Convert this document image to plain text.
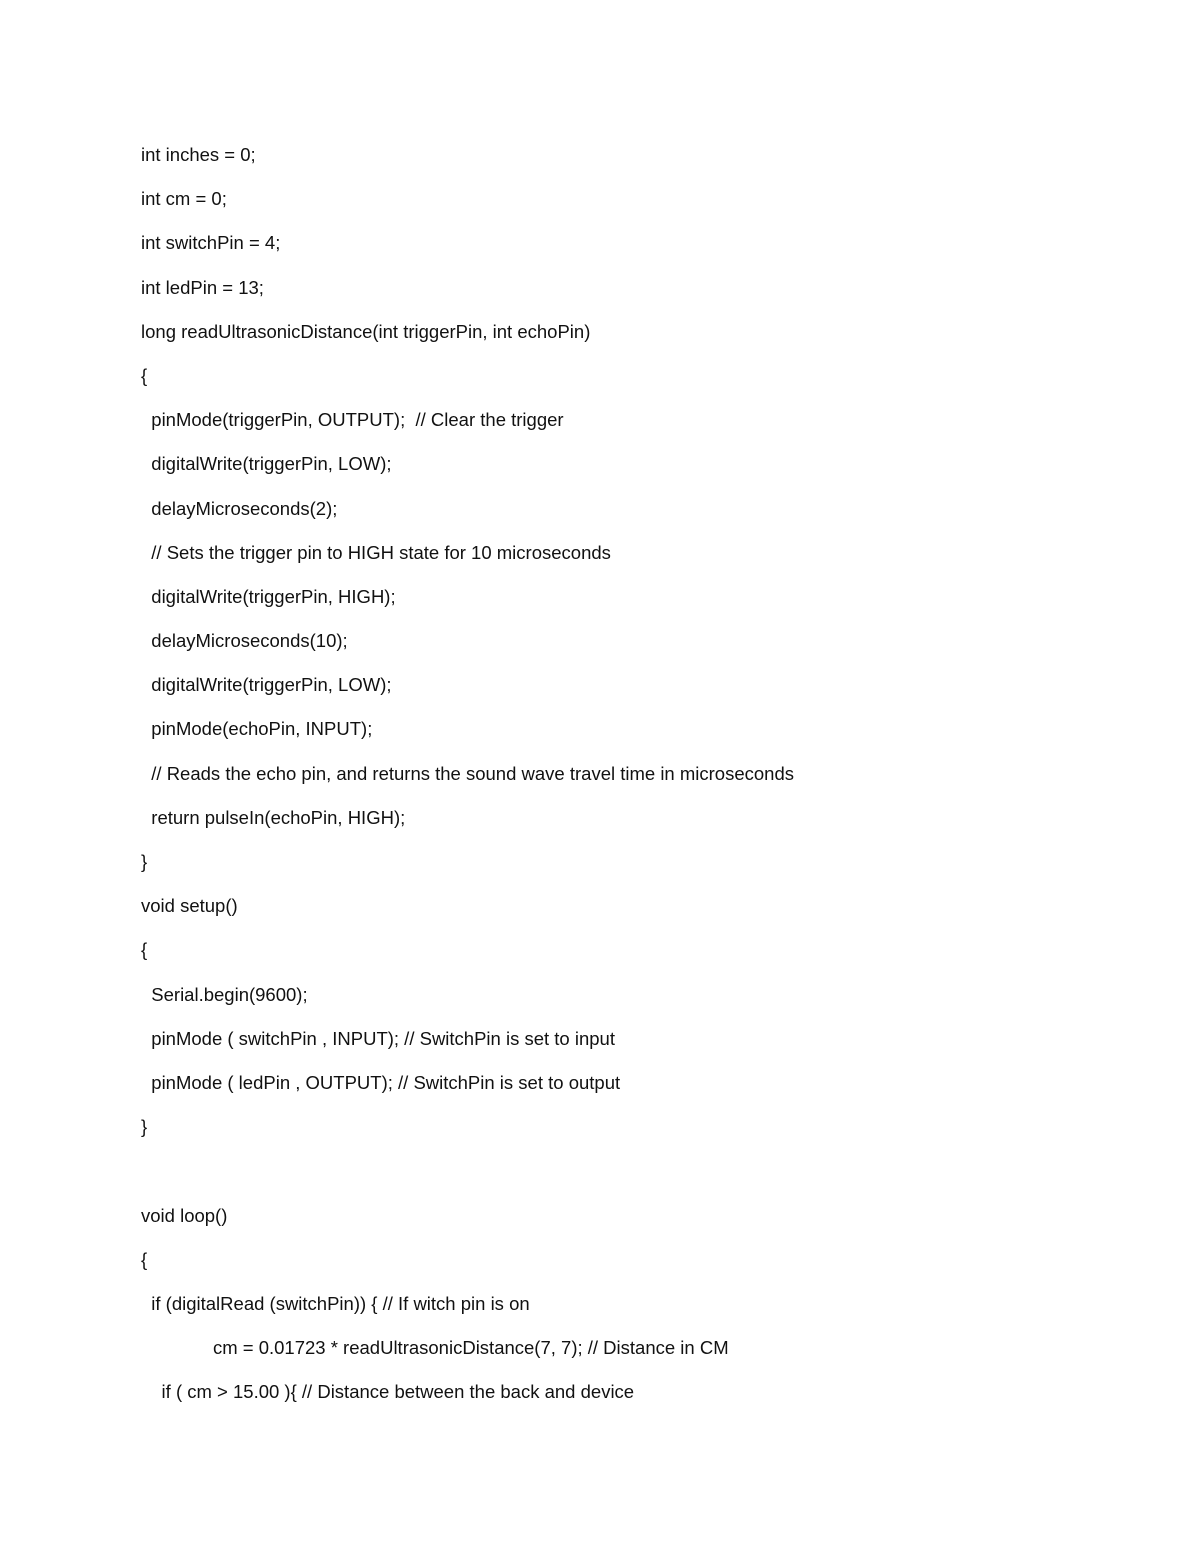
int inches = 0;
int cm = 0;
int switchPin = 4;
int ledPin = 13;
long readUltrasonicDistance(int triggerPin, int echoPin)
{
pinMode(triggerPin, OUTPUT);  // Clear the trigger
digitalWrite(triggerPin, LOW);
delayMicroseconds(2);
// Sets the trigger pin to HIGH state for 10 microseconds
digitalWrite(triggerPin, HIGH);
delayMicroseconds(10);
digitalWrite(triggerPin, LOW);
pinMode(echoPin, INPUT);
// Reads the echo pin, and returns the sound wave travel time in microseconds
return pulseIn(echoPin, HIGH);
}
void setup()
{
Serial.begin(9600);
pinMode ( switchPin , INPUT); // SwitchPin is set to input
pinMode ( ledPin , OUTPUT); // SwitchPin is set to output
}
void loop()
{
if (digitalRead (switchPin)) { // If witch pin is on
cm = 0.01723 * readUltrasonicDistance(7, 7); // Distance in CM
if ( cm > 15.00 ){ // Distance between the back and device
